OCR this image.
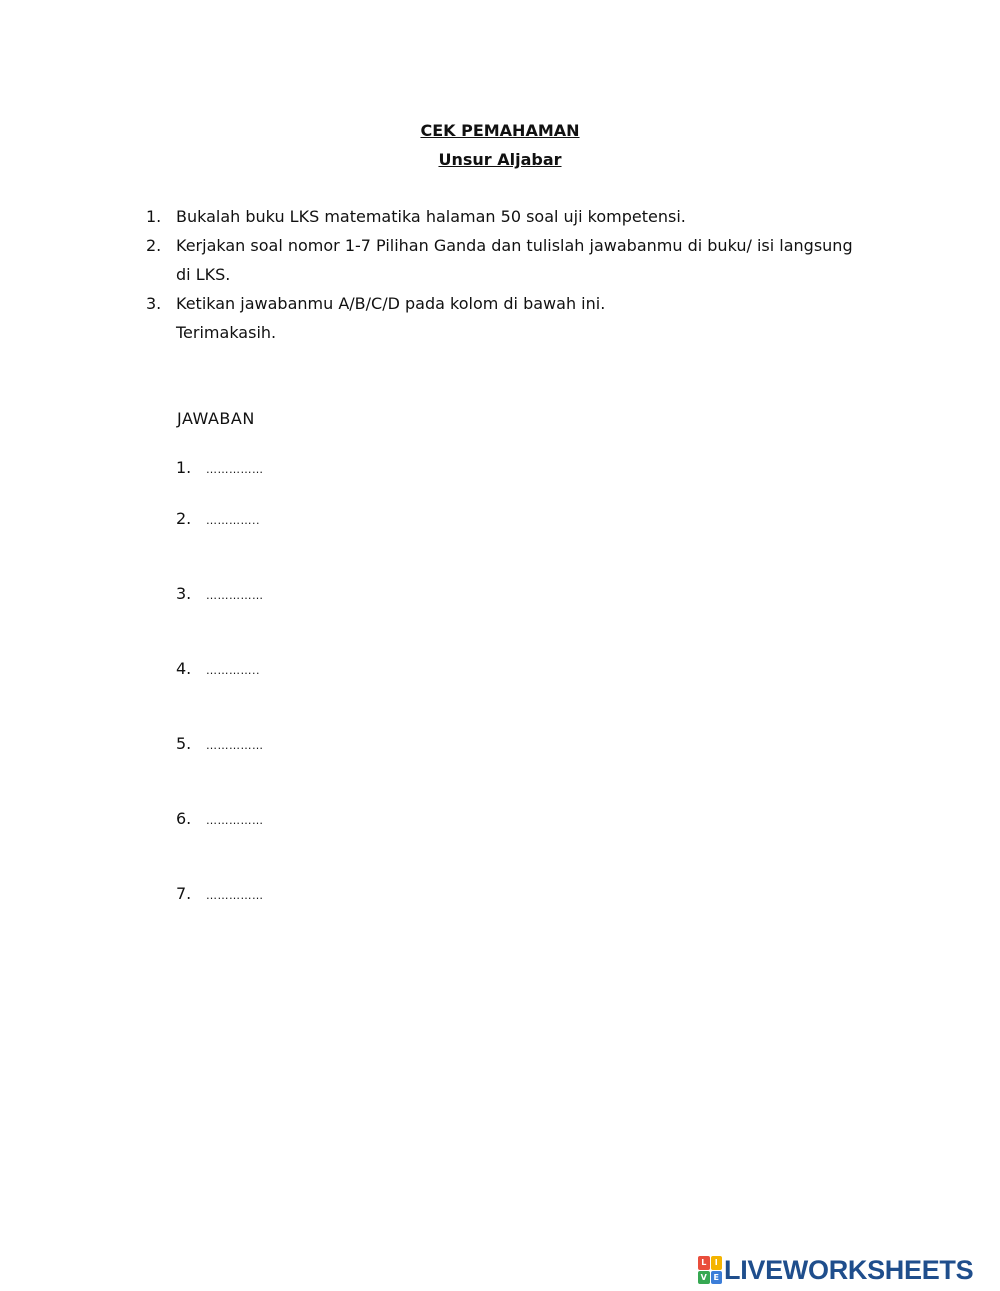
CEK PEMAHAMAN
Unsur Aljabar
1. Bukalah buku LKS matematika halaman 50 soal uji kompetensi.
2. Kerjakan soal nomor 1-7 Pilihan Ganda dan tulislah jawabanmu di buku/ isi langsung
di LKS.
3. Ketikan jawabanmu A/B/C/D pada kolom di bawah ini.
Terimakasih.
JAWABAN
1. ……………
2. …………..
3. ……………
4. …………..
5. ……………
6. ……………
7. ……………
L	I
V E LIVEWORKSHEETS
